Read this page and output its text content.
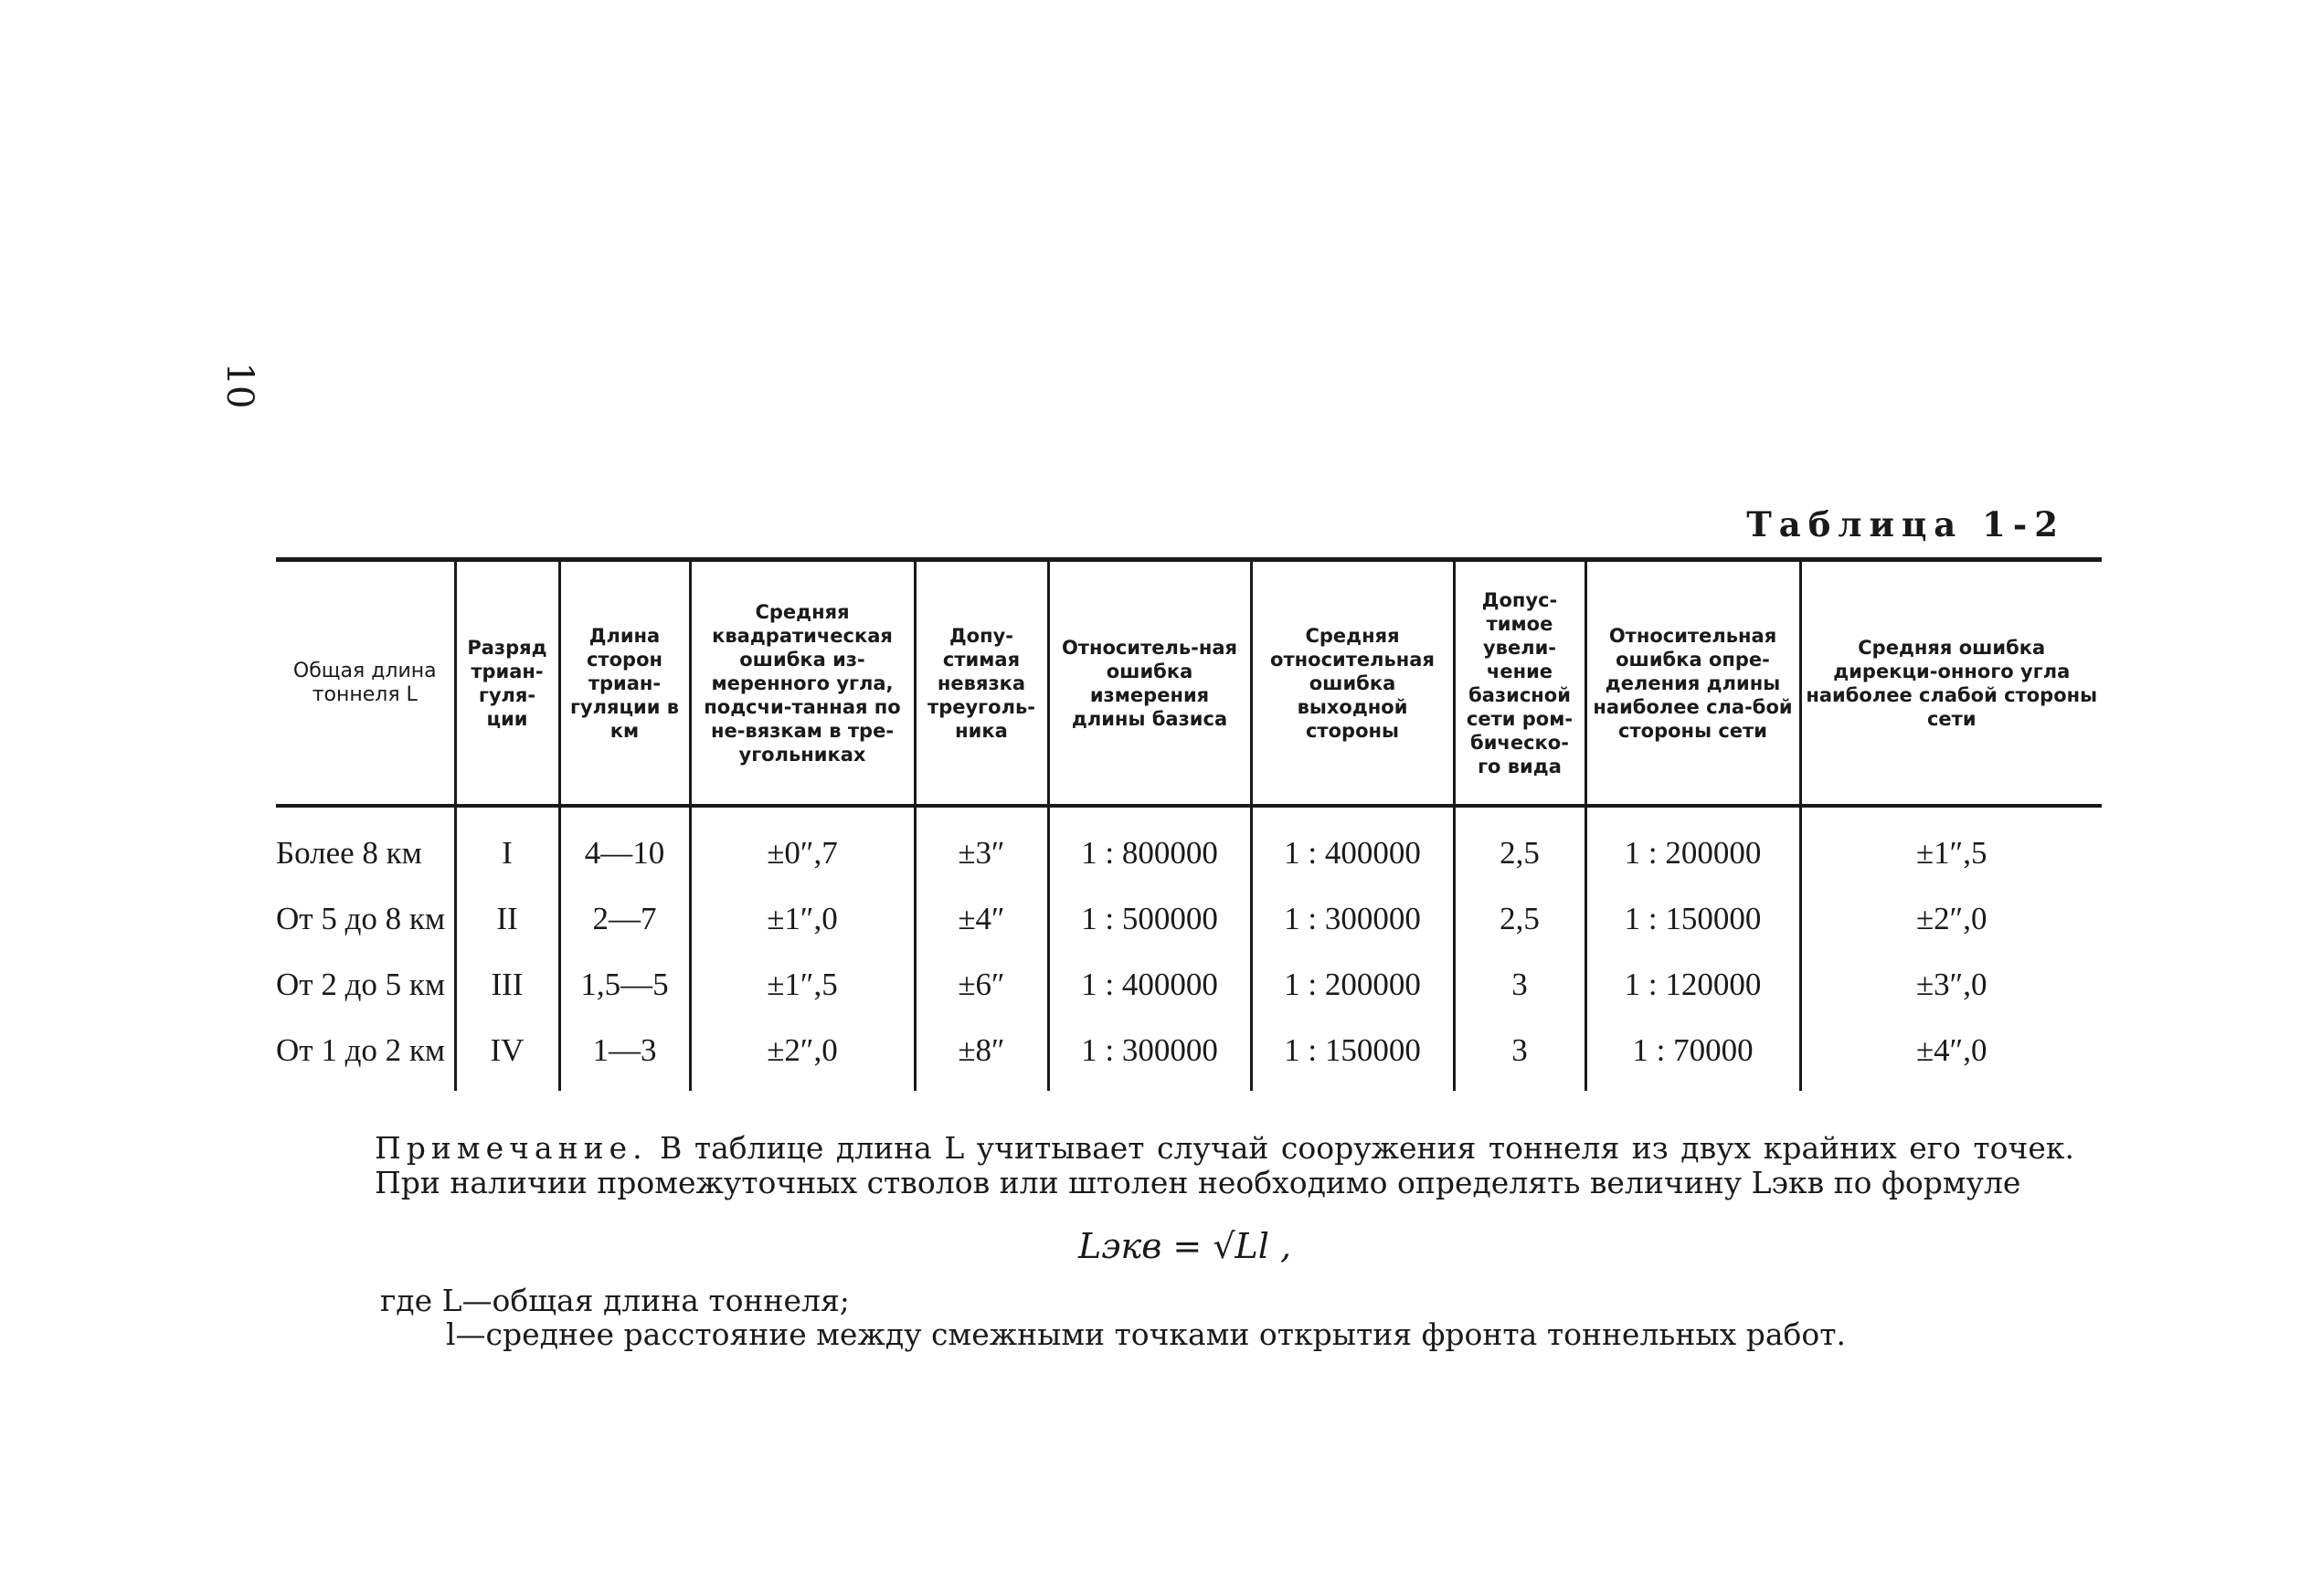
10
Таблица 1-2
Общая длина тоннеля L	Разряд триан-гуля-ции	Длина сторон триан-гуляции в км	Средняя квадратическая ошибка из-меренного угла, подсчи-танная по не-вязкам в тре-угольниках	Допу-стимая невязка треуголь-ника	Относитель-ная ошибка измерения длины базиса	Средняя относительная ошибка выходной стороны	Допус-тимое увели-чение базисной сети ром-бическо-го вида	Относительная ошибка опре-деления длины наиболее сла-бой стороны сети	Средняя ошибка дирекци-онного угла наиболее слабой стороны сети
Более 8 км	I	4—10	±0″,7	±3″	1 : 800000	1 : 400000	2,5	1 : 200000	±1″,5
От 5 до 8 км	II	2—7	±1″,0	±4″	1 : 500000	1 : 300000	2,5	1 : 150000	±2″,0
От 2 до 5 км	III	1,5—5	±1″,5	±6″	1 : 400000	1 : 200000	3	1 : 120000	±3″,0
От 1 до 2 км	IV	1—3	±2″,0	±8″	1 : 300000	1 : 150000	3	1 : 70000	±4″,0
Примечание. В таблице длина L учитывает случай сооружения тоннеля из двух крайних его точек. При наличии промежуточных стволов или штолен необходимо определять величину Lэкв по формуле
Lэкв = √Ll ,
где L—общая длина тоннеля;
l—среднее расстояние между смежными точками открытия фронта тоннельных работ.
